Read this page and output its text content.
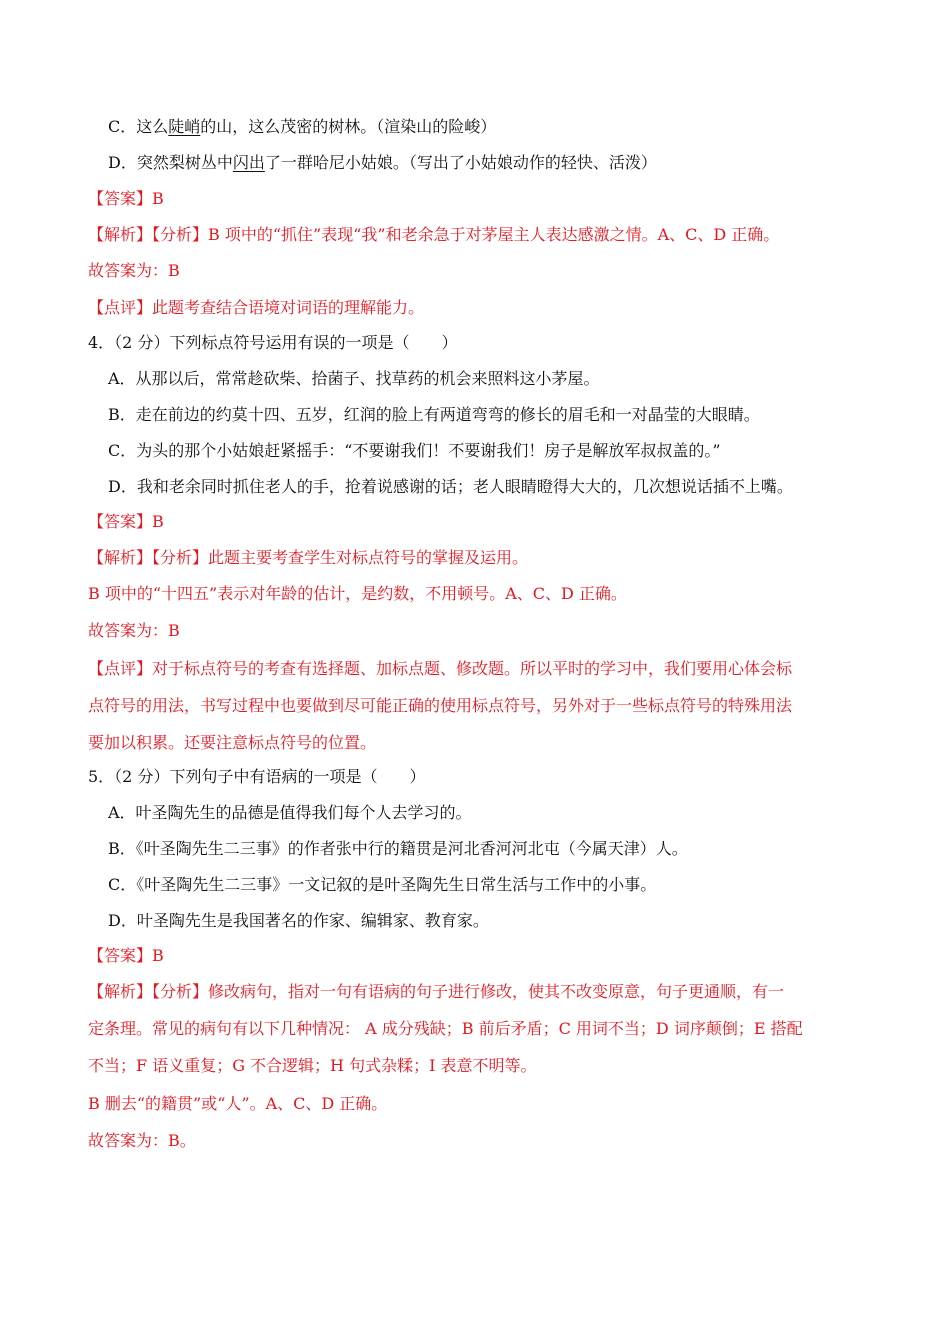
C．这么陡峭的山，这么茂密的树林。（渲染山的险峻）
D．突然梨树丛中闪出了一群哈尼小姑娘。（写出了小姑娘动作的轻快、活泼）
【答案】B
【解析】【分析】B 项中的“抓住”表现“我”和老余急于对茅屋主人表达感激之情。A、C、D 正确。
故答案为：B
【点评】此题考查结合语境对词语的理解能力。
4．（2 分）下列标点符号运用有误的一项是（　　）
A．从那以后，常常趁砍柴、拾菌子、找草药的机会来照料这小茅屋。
B．走在前边的约莫十四、五岁，红润的脸上有两道弯弯的修长的眉毛和一对晶莹的大眼睛。
C．为头的那个小姑娘赶紧摇手：“不要谢我们！不要谢我们！房子是解放军叔叔盖的。”
D．我和老余同时抓住老人的手，抢着说感谢的话；老人眼睛瞪得大大的，几次想说话插不上嘴。
【答案】B
【解析】【分析】此题主要考查学生对标点符号的掌握及运用。
B 项中的“十四五”表示对年龄的估计，是约数，不用顿号。A、C、D 正确。
故答案为：B
【点评】对于标点符号的考查有选择题、加标点题、修改题。所以平时的学习中，我们要用心体会标
点符号的用法，书写过程中也要做到尽可能正确的使用标点符号，另外对于一些标点符号的特殊用法
要加以积累。还要注意标点符号的位置。
5．（2 分）下列句子中有语病的一项是（　　）
A．叶圣陶先生的品德是值得我们每个人去学习的。
B．《叶圣陶先生二三事》的作者张中行的籍贯是河北香河河北屯（今属天津）人。
C．《叶圣陶先生二三事》一文记叙的是叶圣陶先生日常生活与工作中的小事。
D．叶圣陶先生是我国著名的作家、编辑家、教育家。
【答案】B
【解析】【分析】修改病句，指对一句有语病的句子进行修改，使其不改变原意，句子更通顺，有一
定条理。常见的病句有以下几种情况： A 成分残缺；B 前后矛盾；C 用词不当；D 词序颠倒；E 搭配
不当；F 语义重复；G 不合逻辑；H 句式杂糅；I 表意不明等。
B 删去“的籍贯”或“人”。A、C、D 正确。
故答案为：B。
